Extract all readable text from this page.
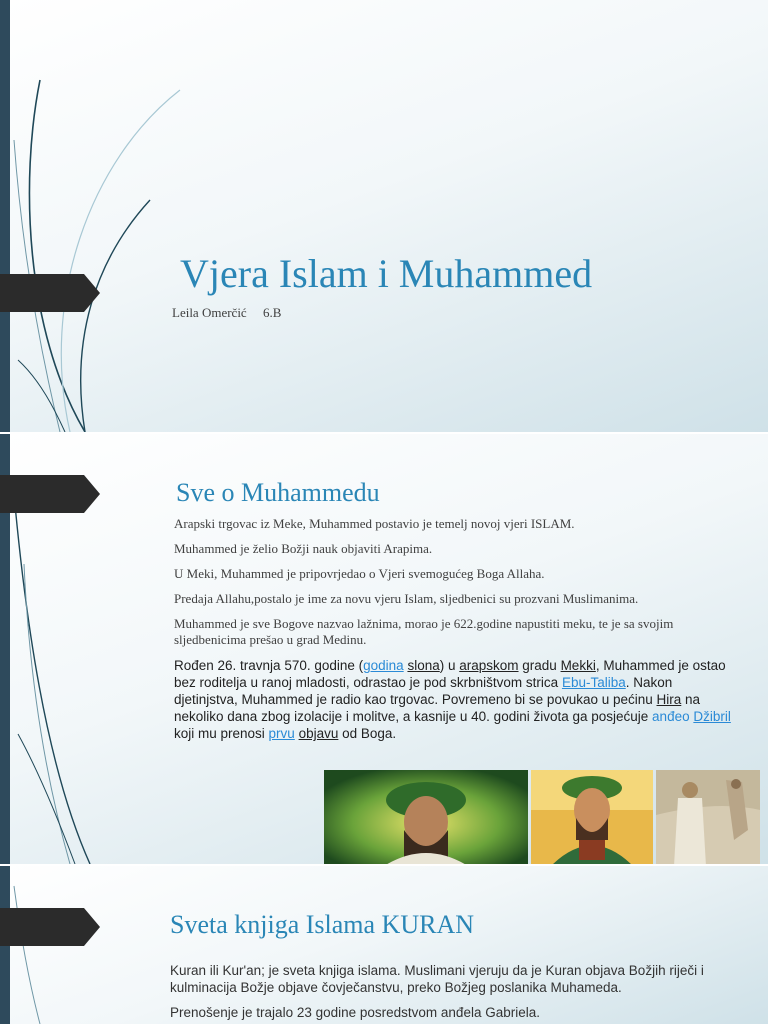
Vjera Islam i Muhammed
Leila Omerčić     6.B
Sve o Muhammedu
Arapski trgovac iz Meke, Muhammed postavio je temelj novoj vjeri ISLAM.
Muhammed je želio Božji nauk objaviti Arapima.
U Meki, Muhammed je pripovrjedao o Vjeri svemogućeg Boga Allaha.
Predaja Allahu,postalo je ime za novu vjeru Islam, sljedbenici su prozvani Muslimanima.
Muhammed je sve Bogove nazvao lažnima, morao je 622.godine napustiti meku, te je sa svojim sljedbenicima prešao u grad Medinu.
Rođen 26. travnja 570. godine (godina slona) u arapskom gradu Mekki, Muhammed je ostao bez roditelja u ranoj mladosti, odrastao je pod skrbništvom strica Ebu-Taliba. Nakon djetinjstva, Muhammed je radio kao trgovac. Povremeno bi se povukao u pećinu Hira na nekoliko dana zbog izolacije i molitve, a kasnije u 40. godini života ga posjećuje anđeo Džibril koji mu prenosi prvu objavu od Boga.
Sveta knjiga Islama KURAN
Kuran ili Kur'an; je sveta knjiga islama. Muslimani vjeruju da je Kuran objava Božjih riječi i kulminacija Božje objave čovječanstvu, preko Božjeg poslanika Muhameda.
Prenošenje je trajalo 23 godine posredstvom anđela Gabriela.
